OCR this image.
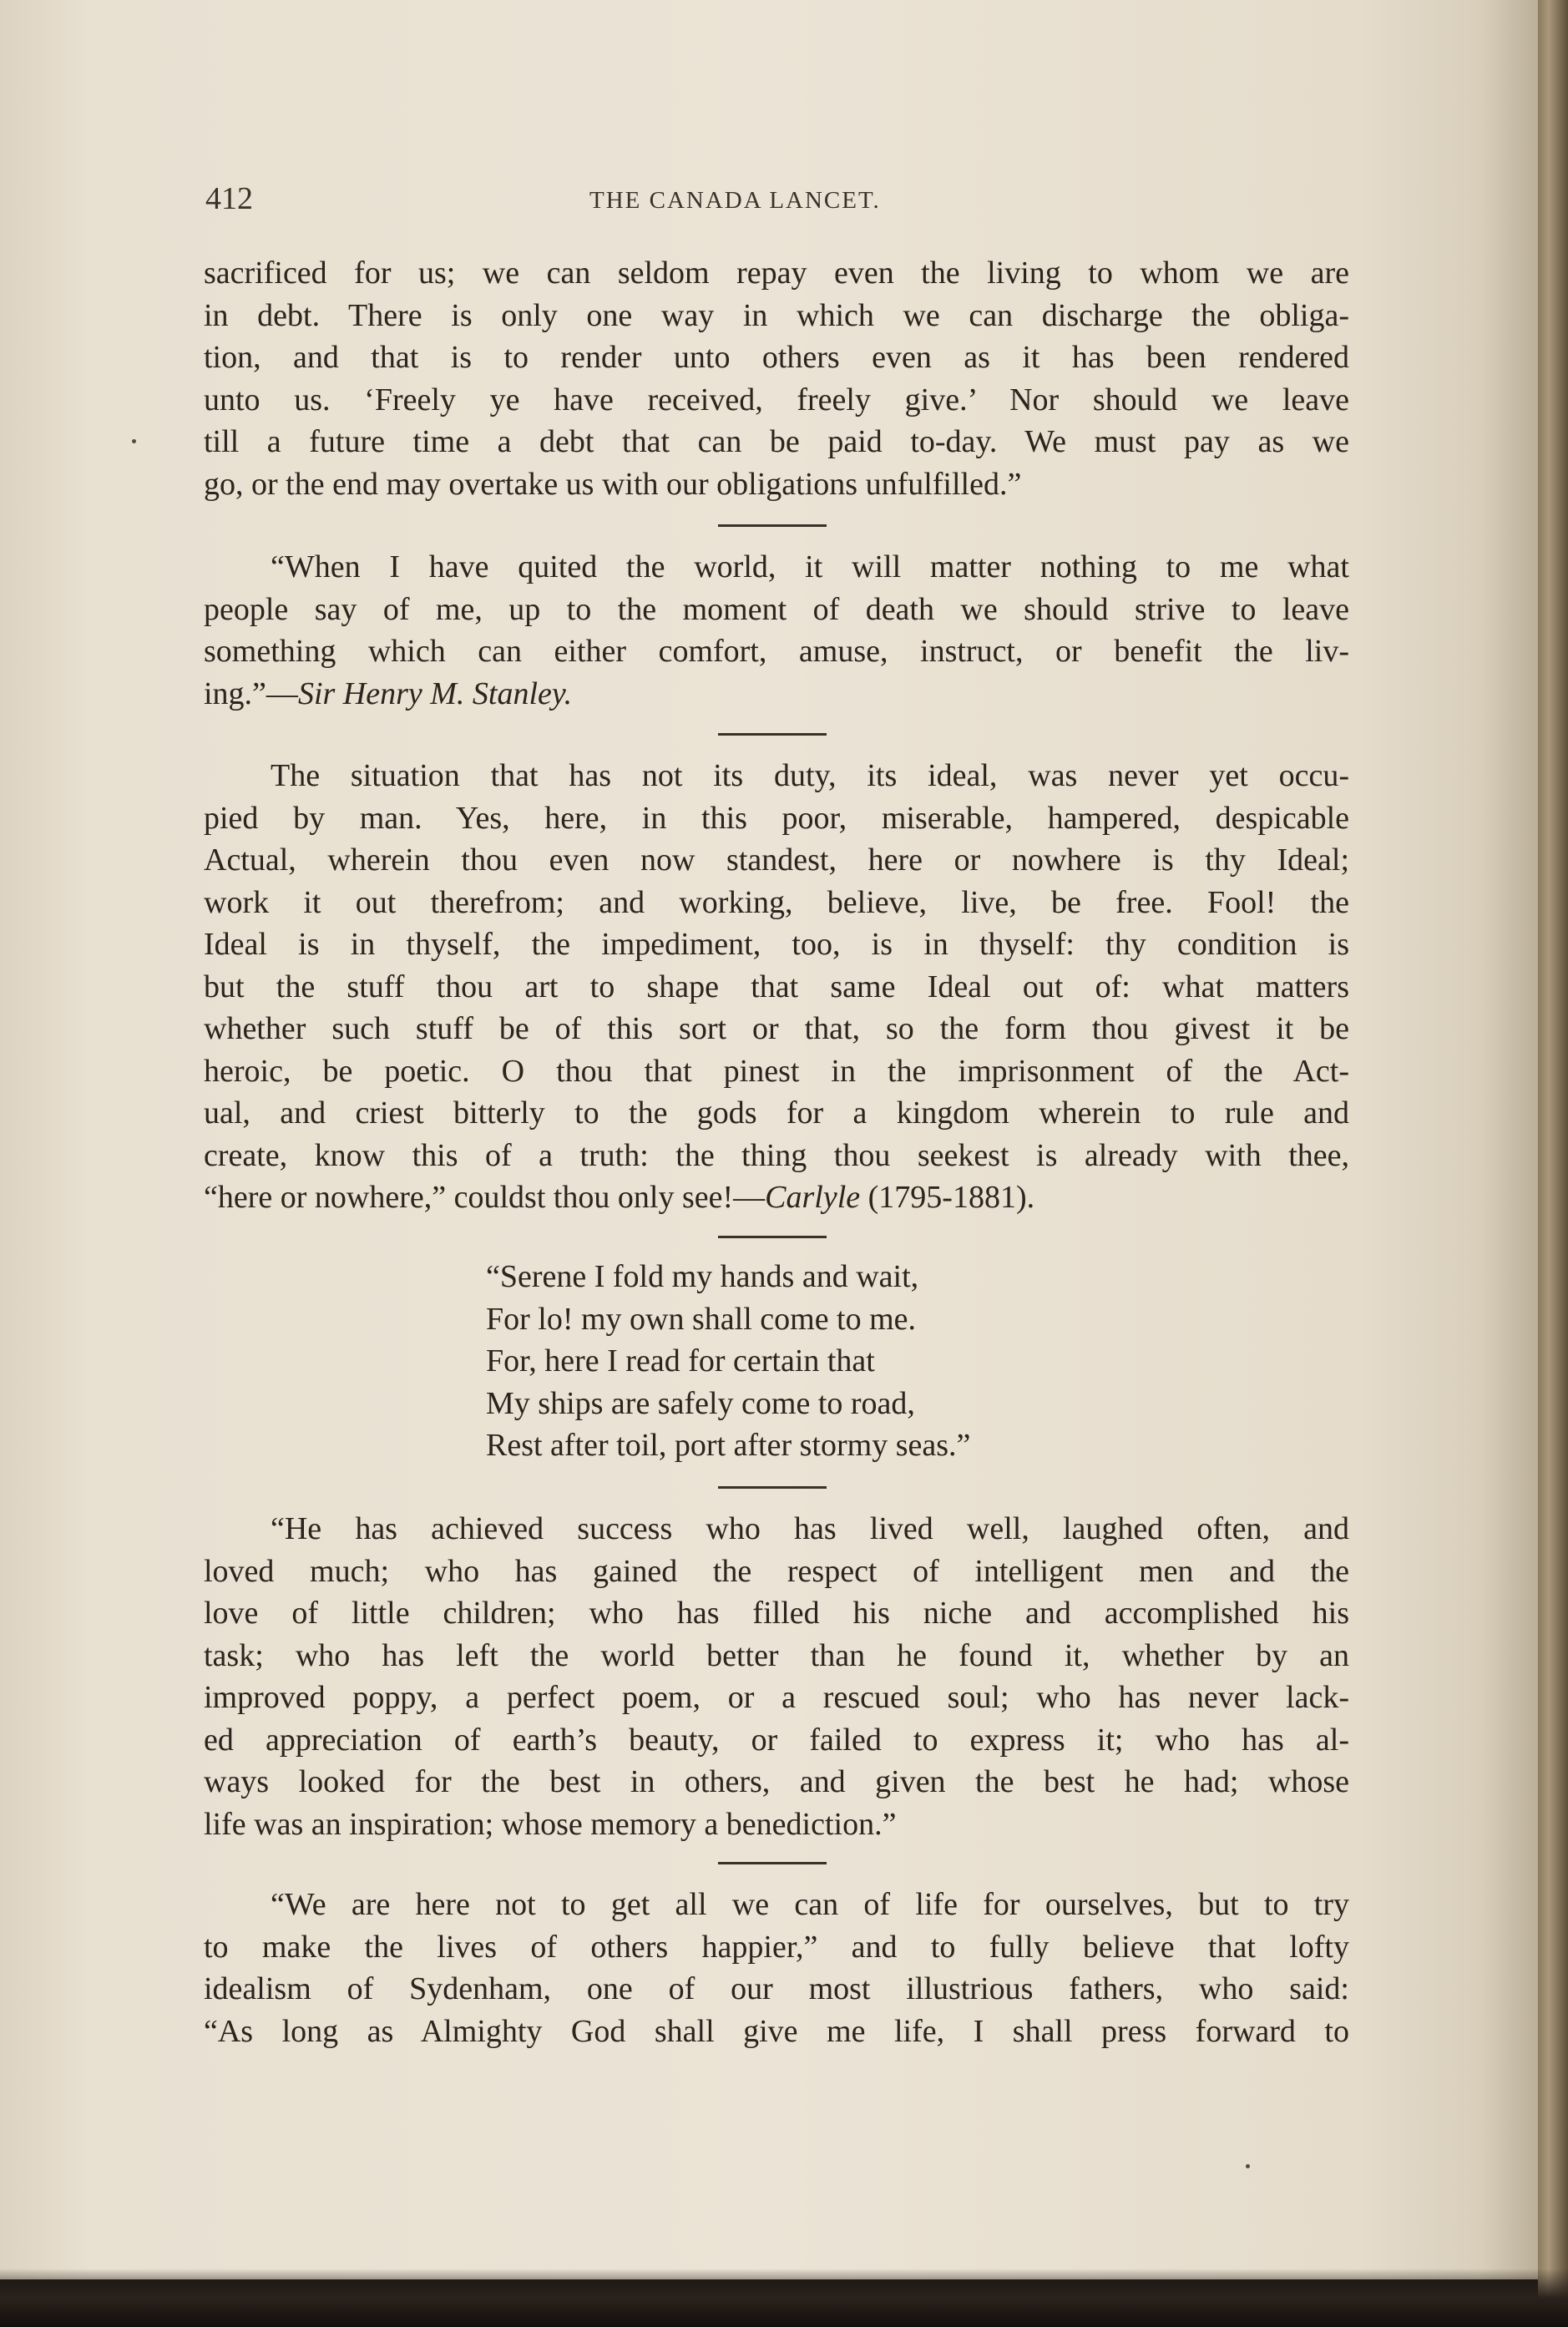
412	THE CANADA LANCET.
sacrificed for us; we can seldom repay even the living to whom we are
in debt. There is only one way in which we can discharge the obliga-
tion, and that is to render unto others even as it has been rendered
unto us. ‘Freely ye have received, freely give.’ Nor should we leave
till a future time a debt that can be paid to-day. We must pay as we
go, or the end may overtake us with our obligations unfulfilled.”
“When I have quited the world, it will matter nothing to me what
people say of me, up to the moment of death we should strive to leave
something which can either comfort, amuse, instruct, or benefit the liv-
ing.”—Sir Henry M. Stanley.
The situation that has not its duty, its ideal, was never yet occu-
pied by man. Yes, here, in this poor, miserable, hampered, despicable
Actual, wherein thou even now standest, here or nowhere is thy Ideal;
work it out therefrom; and working, believe, live, be free. Fool! the
Ideal is in thyself, the impediment, too, is in thyself: thy condition is
but the stuff thou art to shape that same Ideal out of: what matters
whether such stuff be of this sort or that, so the form thou givest it be
heroic, be poetic. O thou that pinest in the imprisonment of the Act-
ual, and criest bitterly to the gods for a kingdom wherein to rule and
create, know this of a truth: the thing thou seekest is already with thee,
“here or nowhere,” couldst thou only see!—Carlyle (1795-1881).
“Serene I fold my hands and wait,
For lo! my own shall come to me.
For, here I read for certain that
My ships are safely come to road,
Rest after toil, port after stormy seas.”
“He has achieved success who has lived well, laughed often, and
loved much; who has gained the respect of intelligent men and the
love of little children; who has filled his niche and accomplished his
task; who has left the world better than he found it, whether by an
improved poppy, a perfect poem, or a rescued soul; who has never lack-
ed appreciation of earth’s beauty, or failed to express it; who has al-
ways looked for the best in others, and given the best he had; whose
life was an inspiration; whose memory a benediction.”
“We are here not to get all we can of life for ourselves, but to try
to make the lives of others happier,” and to fully believe that lofty
idealism of Sydenham, one of our most illustrious fathers, who said:
“As long as Almighty God shall give me life, I shall press forward to
